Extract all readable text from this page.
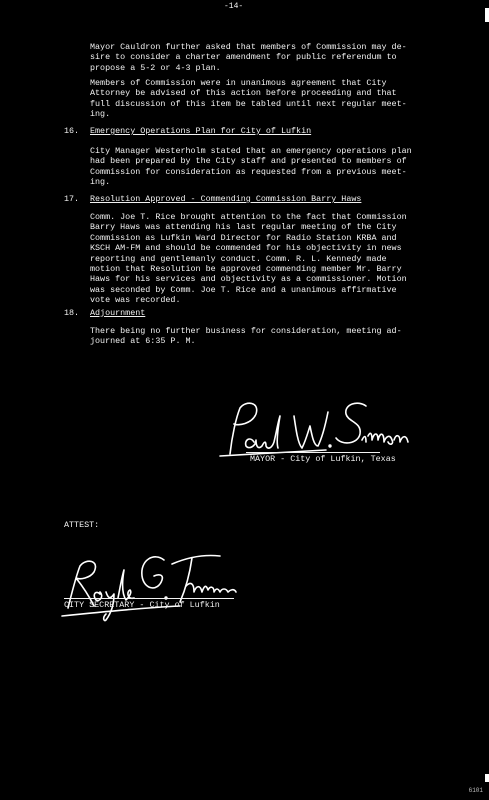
-14-
Mayor Cauldron further asked that members of Commission may de-
sire to consider a charter amendment for public referendum to
propose a 5-2 or 4-3 plan.
Members of Commission were in unanimous agreement that City
Attorney be advised of this action before proceeding and that
full discussion of this item be tabled until next regular meet-
ing.
16. Emergency Operations Plan for City of Lufkin
City Manager Westerholm stated that an emergency operations plan
had been prepared by the City staff and presented to members of
Commission for consideration as requested from a previous meet-
ing.
17. Resolution Approved - Commending Commission Barry Haws
Comm. Joe T. Rice brought attention to the fact that Commission
Barry Haws was attending his last regular meeting of the City
Commission as Lufkin Ward Director for Radio Station KRBA and
KSCH AM-FM and should be commended for his objectivity in news
reporting and gentlemanly conduct. Comm. R. L. Kennedy made
motion that Resolution be approved commending member Mr. Barry
Haws for his services and objectivity as a commissioner. Motion
was seconded by Comm. Joe T. Rice and a unanimous affirmative
vote was recorded.
18. Adjournment
There being no further business for consideration, meeting ad-
journed at 6:35 P. M.
MAYOR - City of Lufkin, Texas
ATTEST:
CITY SECRETARY - City of Lufkin
6101
